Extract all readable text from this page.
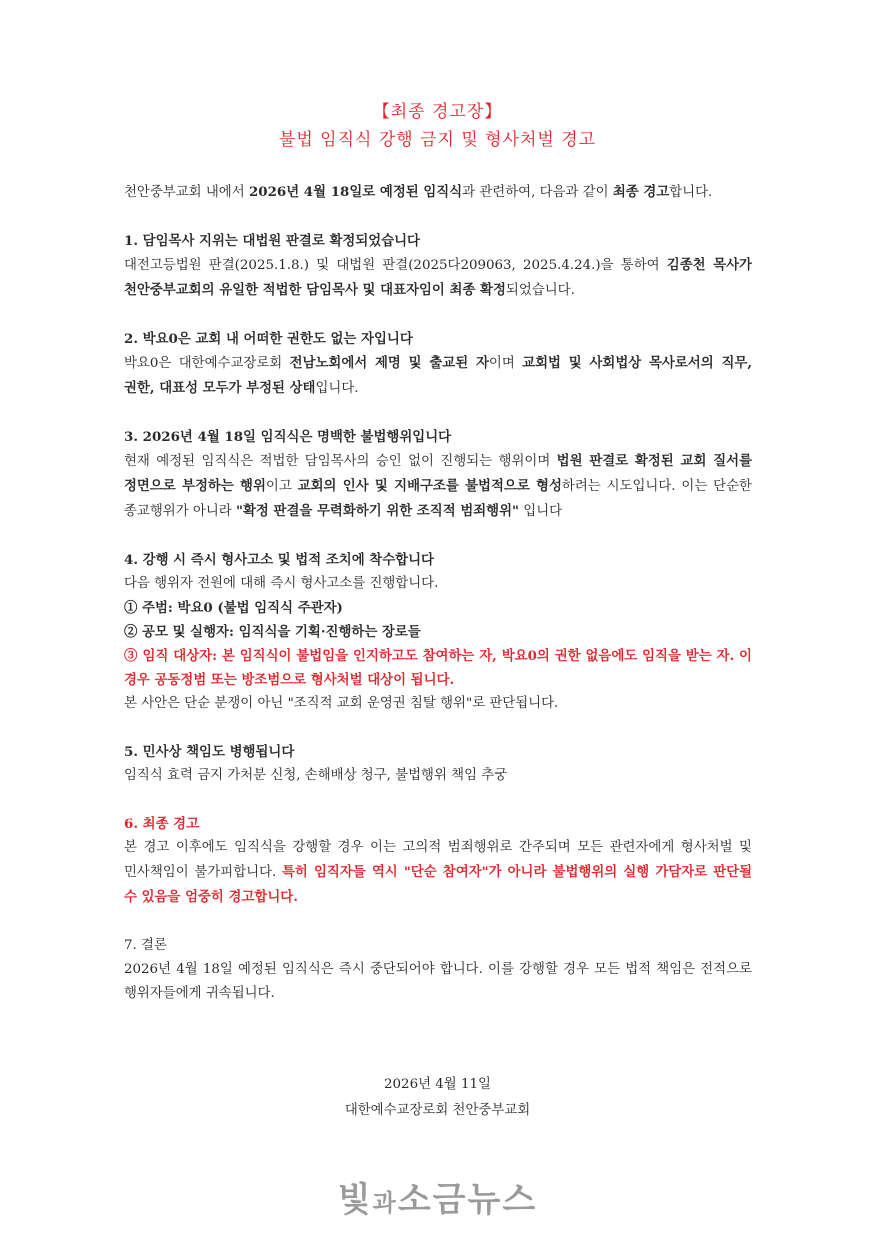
【최종 경고장】
불법 임직식 강행 금지 및 형사처벌 경고

천안중부교회 내에서 2026년 4월 18일로 예정된 임직식과 관련하여, 다음과 같이 최종 경고합니다.

1. 담임목사 지위는 대법원 판결로 확정되었습니다

대전고등법원 판결(2025.1.8.) 및 대법원 판결(2025다209063, 2025.4.24.)을 통하여 김종천 목사가 천안중부교회의 유일한 적법한 담임목사 및 대표자임이 최종 확정되었습니다.

2. 박요0은 교회 내 어떠한 권한도 없는 자입니다

박요0은 대한예수교장로회 전남노회에서 제명 및 출교된 자이며 교회법 및 사회법상 목사로서의 직무, 권한, 대표성 모두가 부정된 상태입니다.

3. 2026년 4월 18일 임직식은 명백한 불법행위입니다

현재 예정된 임직식은 적법한 담임목사의 승인 없이 진행되는 행위이며 법원 판결로 확정된 교회 질서를 정면으로 부정하는 행위이고 교회의 인사 및 지배구조를 불법적으로 형성하려는 시도입니다. 이는 단순한 종교행위가 아니라 "확정 판결을 무력화하기 위한 조직적 범죄행위" 입니다

4. 강행 시 즉시 형사고소 및 법적 조치에 착수합니다

다음 행위자 전원에 대해 즉시 형사고소를 진행합니다.

① 주범: 박요0 (불법 임직식 주관자)

② 공모 및 실행자: 임직식을 기획·진행하는 장로들

③ 임직 대상자: 본 임직식이 불법임을 인지하고도 참여하는 자, 박요0의 권한 없음에도 임직을 받는 자. 이 경우 공동정범 또는 방조범으로 형사처벌 대상이 됩니다.

본 사안은 단순 분쟁이 아닌 "조직적 교회 운영권 침탈 행위"로 판단됩니다.

5. 민사상 책임도 병행됩니다

임직식 효력 금지 가처분 신청, 손해배상 청구, 불법행위 책임 추궁

6. 최종 경고

본 경고 이후에도 임직식을 강행할 경우 이는 고의적 범죄행위로 간주되며 모든 관련자에게 형사처벌 및 민사책임이 불가피합니다. 특히 임직자들 역시 "단순 참여자"가 아니라 불법행위의 실행 가담자로 판단될 수 있음을 엄중히 경고합니다.

7. 결론

2026년 4월 18일 예정된 임직식은 즉시 중단되어야 합니다. 이를 강행할 경우 모든 법적 책임은 전적으로 행위자들에게 귀속됩니다.

2026년 4월 11일
대한예수교장로회 천안중부교회
빛과소금뉴스
